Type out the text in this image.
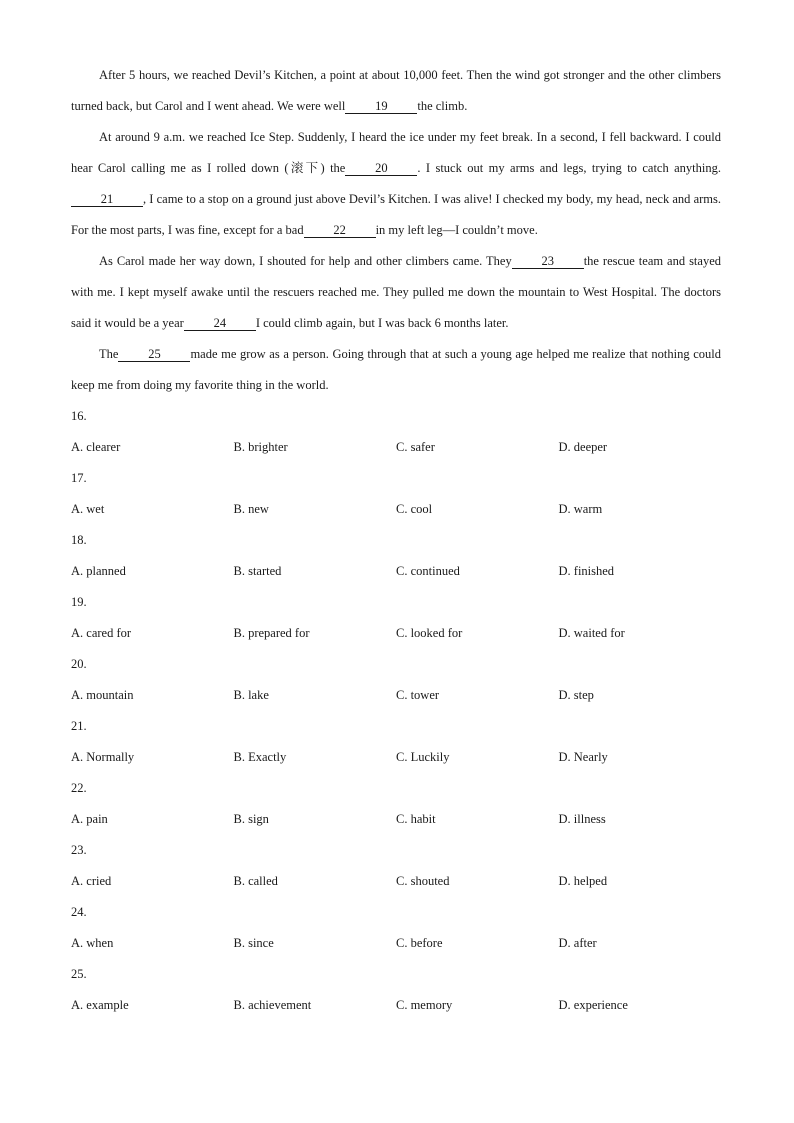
After 5 hours, we reached Devil’s Kitchen, a point at about 10,000 feet. Then the wind got stronger and the other climbers turned back, but Carol and I went ahead. We were well 19 the climb.

At around 9 a.m. we reached Ice Step. Suddenly, I heard the ice under my feet break. In a second, I fell backward. I could hear Carol calling me as I rolled down (滚下) the 20 . I stuck out my arms and legs, trying to catch anything. 21 , I came to a stop on a ground just above Devil’s Kitchen. I was alive! I checked my body, my head, neck and arms. For the most parts, I was fine, except for a bad 22 in my left leg—I couldn’t move.

As Carol made her way down, I shouted for help and other climbers came. They 23 the rescue team and stayed with me. I kept myself awake until the rescuers reached me. They pulled me down the mountain to West Hospital. The doctors said it would be a year 24 I could climb again, but I was back 6 months later.

The 25 made me grow as a person. Going through that at such a young age helped me realize that nothing could keep me from doing my favorite thing in the world.

16.
A. clearer	B. brighter	C. safer	D. deeper
17.
A. wet	B. new	C. cool	D. warm
18.
A. planned	B. started	C. continued	D. finished
19.
A. cared for	B. prepared for	C. looked for	D. waited for
20.
A. mountain	B. lake	C. tower	D. step
21.
A. Normally	B. Exactly	C. Luckily	D. Nearly
22.
A. pain	B. sign	C. habit	D. illness
23.
A. cried	B. called	C. shouted	D. helped
24.
A. when	B. since	C. before	D. after
25.
A. example	B. achievement	C. memory	D. experience
